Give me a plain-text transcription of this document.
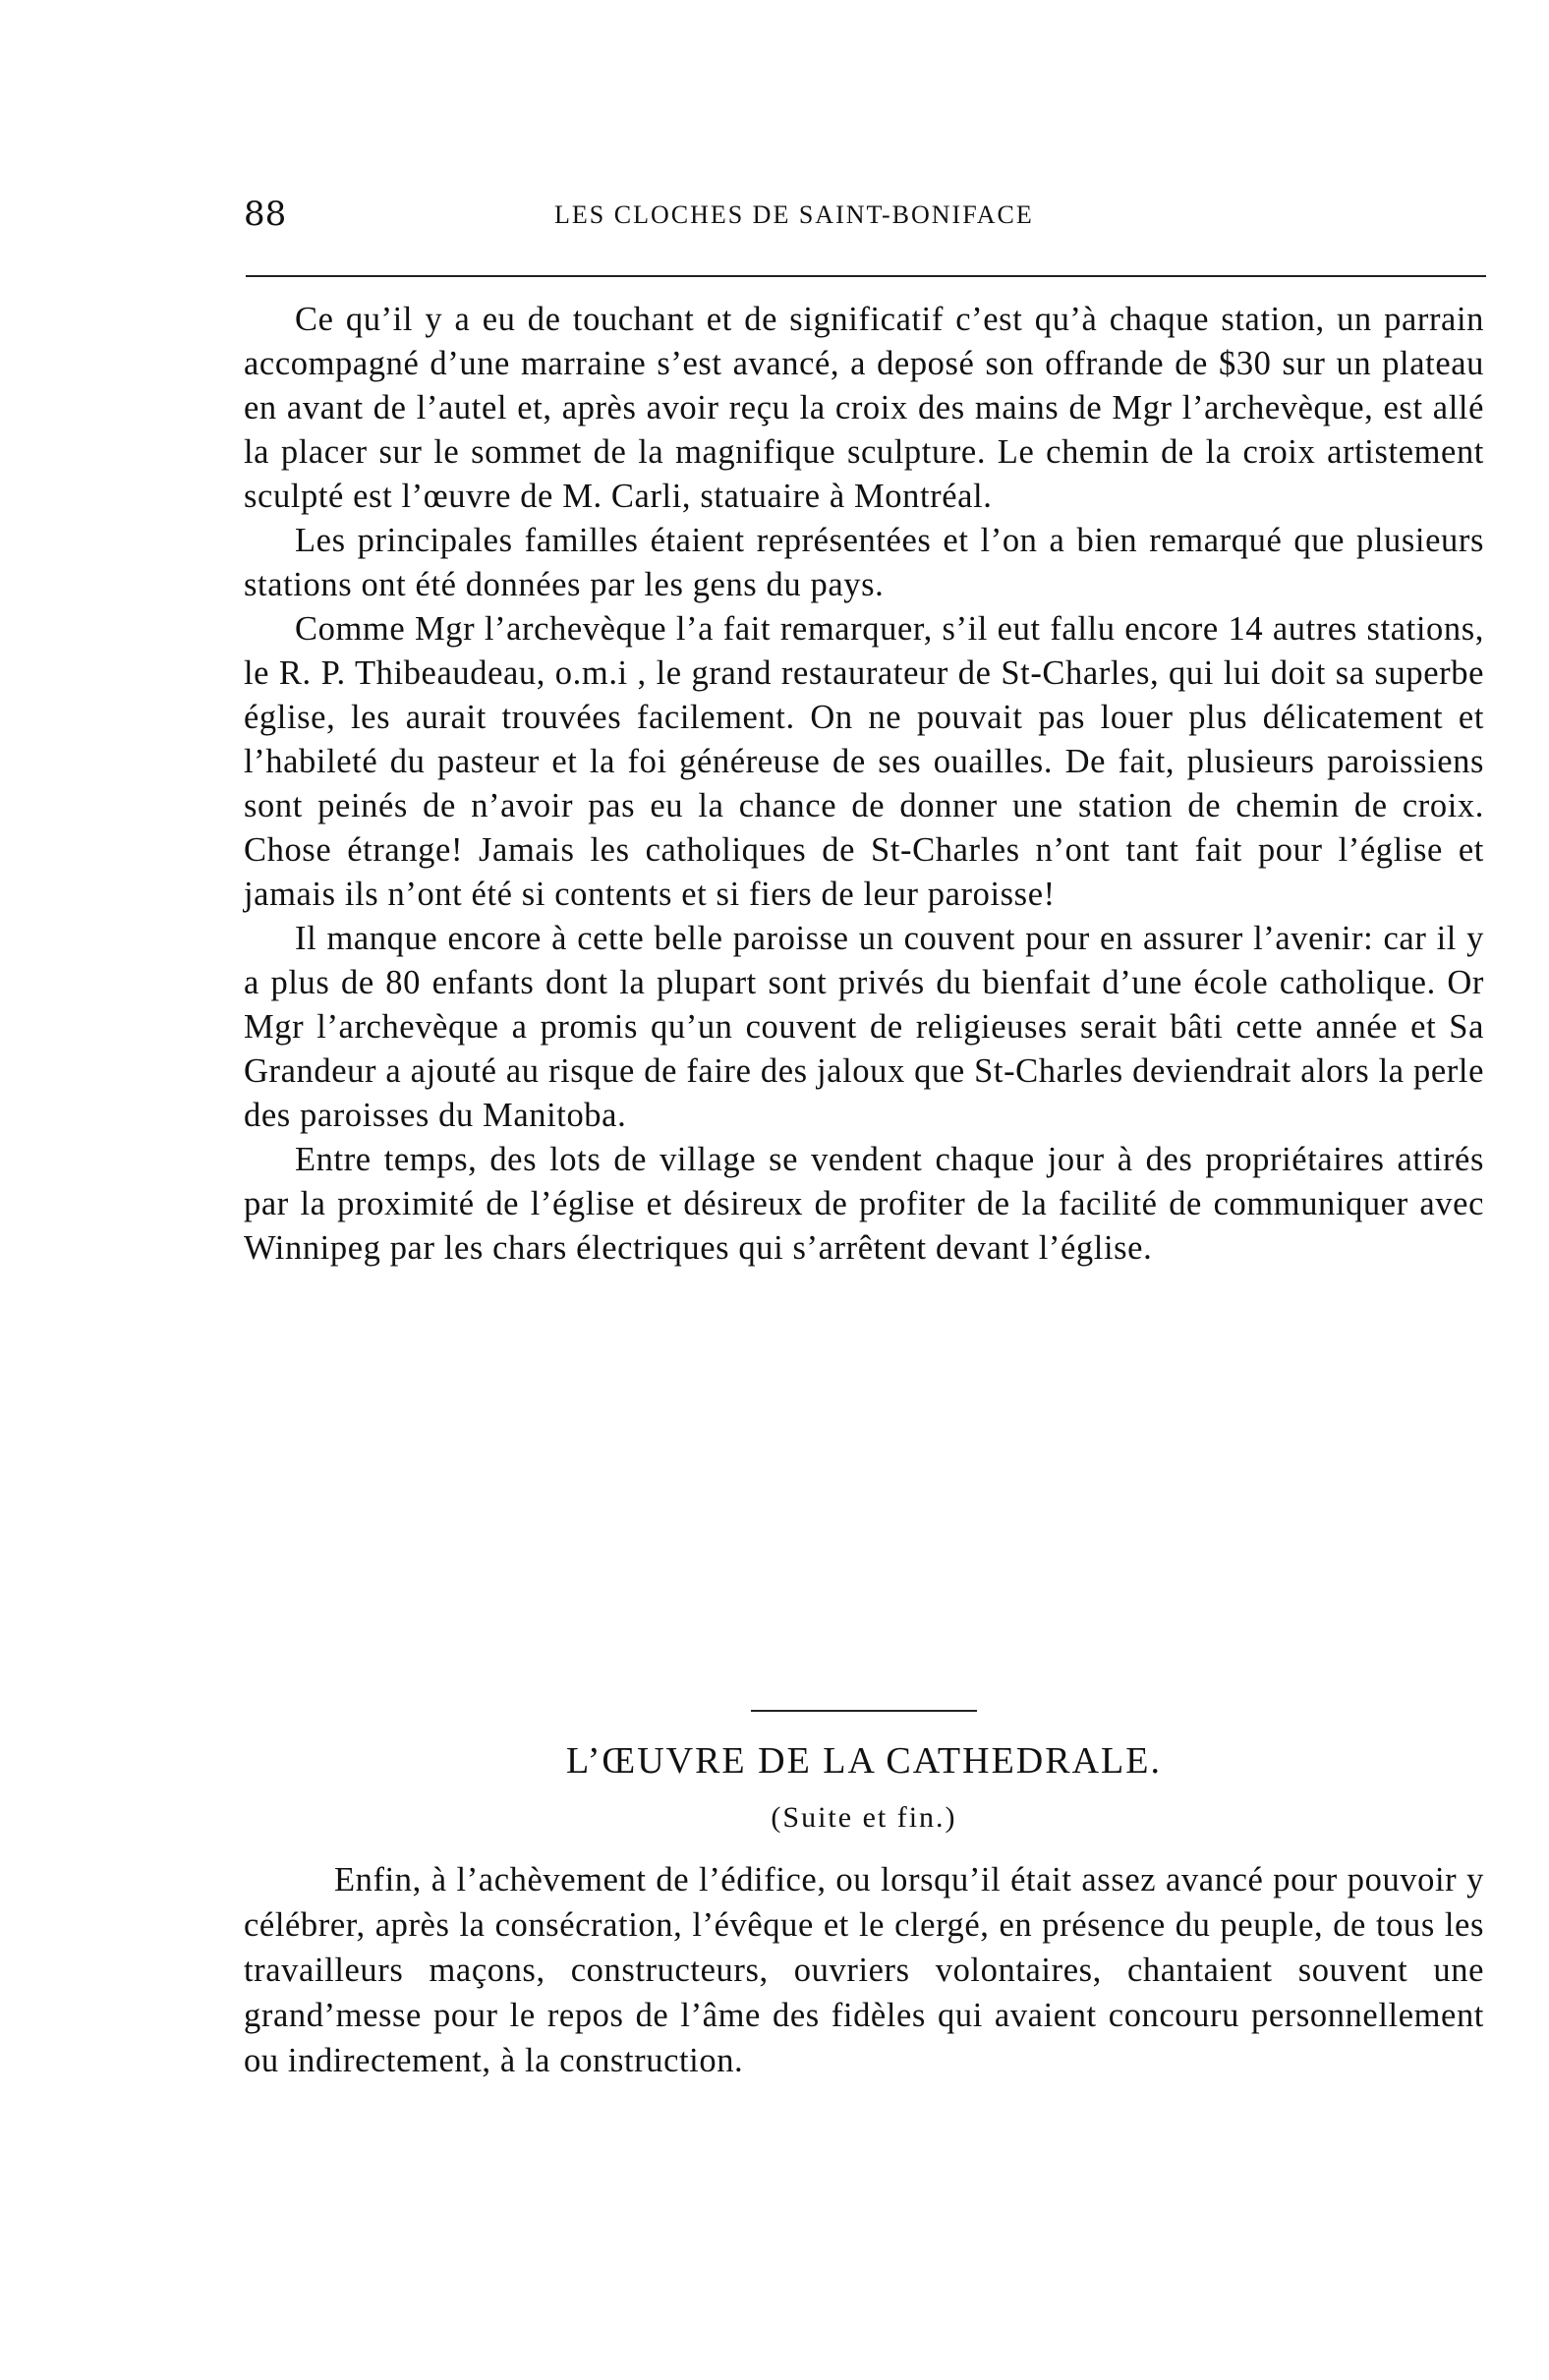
88	LES CLOCHES DE SAINT-BONIFACE

Ce qu’il y a eu de touchant et de significatif c’est qu’à chaque station, un parrain accompagné d’une marraine s’est avancé, a deposé son offrande de $30 sur un plateau en avant de l’autel et, après avoir reçu la croix des mains de Mgr l’archevèque, est allé la placer sur le sommet de la magnifique sculpture. Le chemin de la croix artistement sculpté est l’œuvre de M. Carli, statuaire à Montréal.

Les principales familles étaient représentées et l’on a bien remarqué que plusieurs stations ont été données par les gens du pays.

Comme Mgr l’archevèque l’a fait remarquer, s’il eut fallu encore 14 autres stations, le R. P. Thibeaudeau, o.m.i , le grand restaurateur de St-Charles, qui lui doit sa superbe église, les aurait trouvées facilement. On ne pouvait pas louer plus délicatement et l’habileté du pasteur et la foi généreuse de ses ouailles. De fait, plusieurs paroissiens sont peinés de n’avoir pas eu la chance de donner une station de chemin de croix. Chose étrange! Jamais les catholiques de St-Charles n’ont tant fait pour l’église et jamais ils n’ont été si contents et si fiers de leur paroisse!

Il manque encore à cette belle paroisse un couvent pour en assurer l’avenir: car il y a plus de 80 enfants dont la plupart sont privés du bienfait d’une école catholique. Or Mgr l’archevèque a promis qu’un couvent de religieuses serait bâti cette année et Sa Grandeur a ajouté au risque de faire des jaloux que St-Charles deviendrait alors la perle des paroisses du Manitoba.

Entre temps, des lots de village se vendent chaque jour à des propriétaires attirés par la proximité de l’église et désireux de profiter de la facilité de communiquer avec Winnipeg par les chars électriques qui s’arrêtent devant l’église.

L’ŒUVRE DE LA CATHEDRALE.
(Suite et fin.)

Enfin, à l’achèvement de l’édifice, ou lorsqu’il était assez avancé pour pouvoir y célébrer, après la consécration, l’évêque et le clergé, en présence du peuple, de tous les travailleurs maçons, constructeurs, ouvriers volontaires, chantaient souvent une grand’messe pour le repos de l’âme des fidèles qui avaient concouru personnellement ou indirectement, à la construction.
